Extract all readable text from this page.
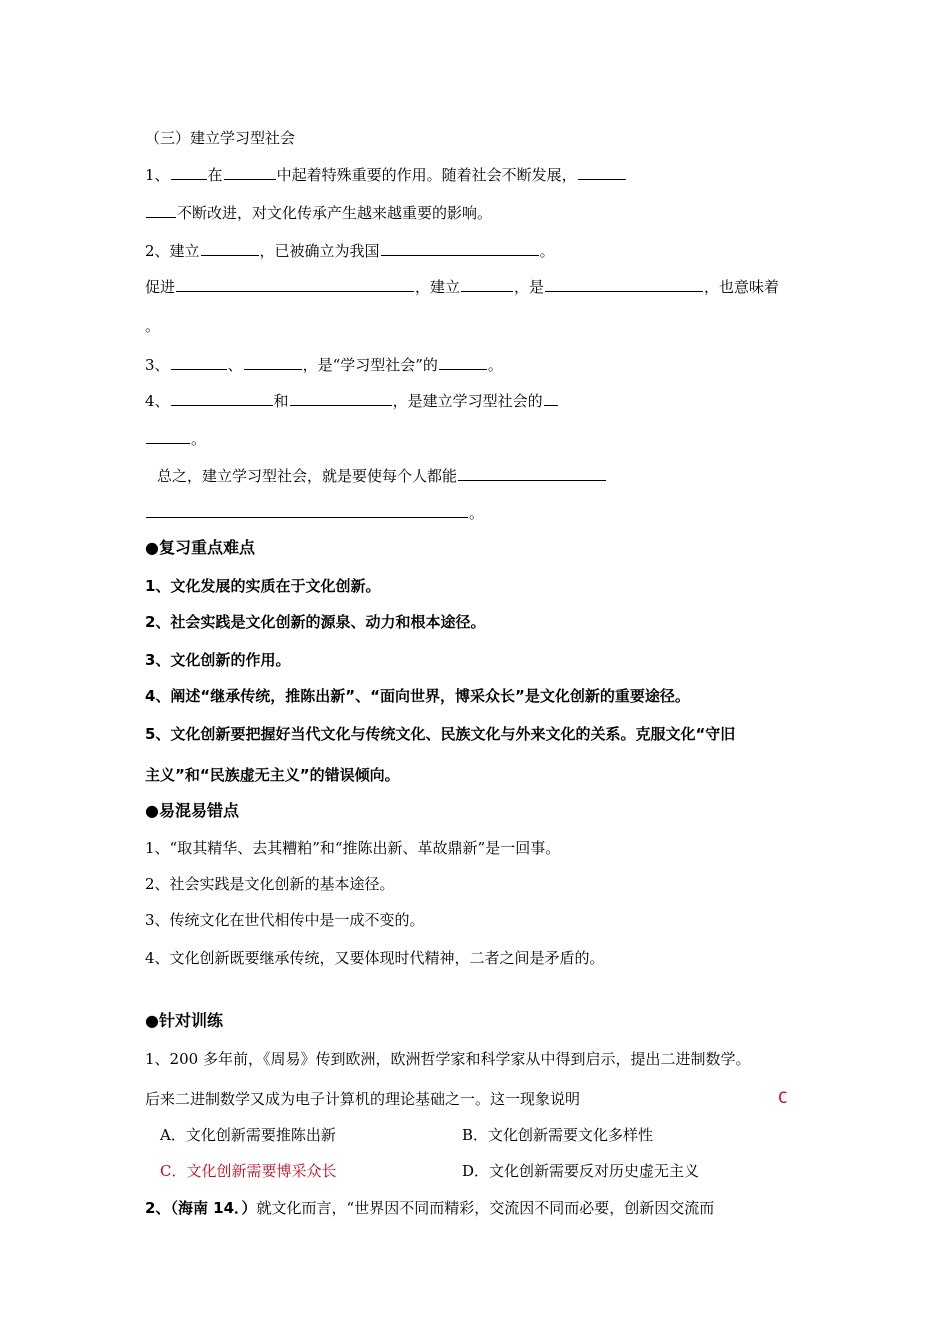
（三）建立学习型社会
1、	在	中起着特殊重要的作用。随着社会不断发展，
不断改进，对文化传承产生越来越重要的影响。
2、建立	，已被确立为我国	。
促进	，建立	，是	，也意味着
。
3、	、	，是“学习型社会”的	。
4、	和	，是建立学习型社会的
。
总之，建立学习型社会，就是要使每个人都能
。
●复习重点难点
1、文化发展的实质在于文化创新。
2、社会实践是文化创新的源泉、动力和根本途径。
3、文化创新的作用。
4、阐述“继承传统，推陈出新”、“面向世界，博采众长”是文化创新的重要途径。
5、文化创新要把握好当代文化与传统文化、民族文化与外来文化的关系。克服文化“守旧
主义”和“民族虚无主义”的错误倾向。
●易混易错点
1、“取其精华、去其糟粕”和“推陈出新、革故鼎新”是一回事。
2、社会实践是文化创新的基本途径。
3、传统文化在世代相传中是一成不变的。
4、文化创新既要继承传统，又要体现时代精神，二者之间是矛盾的。
●针对训练
1、200 多年前，《周易》传到欧洲，欧洲哲学家和科学家从中得到启示，提出二进制数学。
后来二进制数学又成为电子计算机的理论基础之一。这一现象说明	C
A．文化创新需要推陈出新	B．文化创新需要文化多样性
C．文化创新需要博采众长	D．文化创新需要反对历史虚无主义
2、（海南 14．）就文化而言，“世界因不同而精彩，交流因不同而必要，创新因交流而
